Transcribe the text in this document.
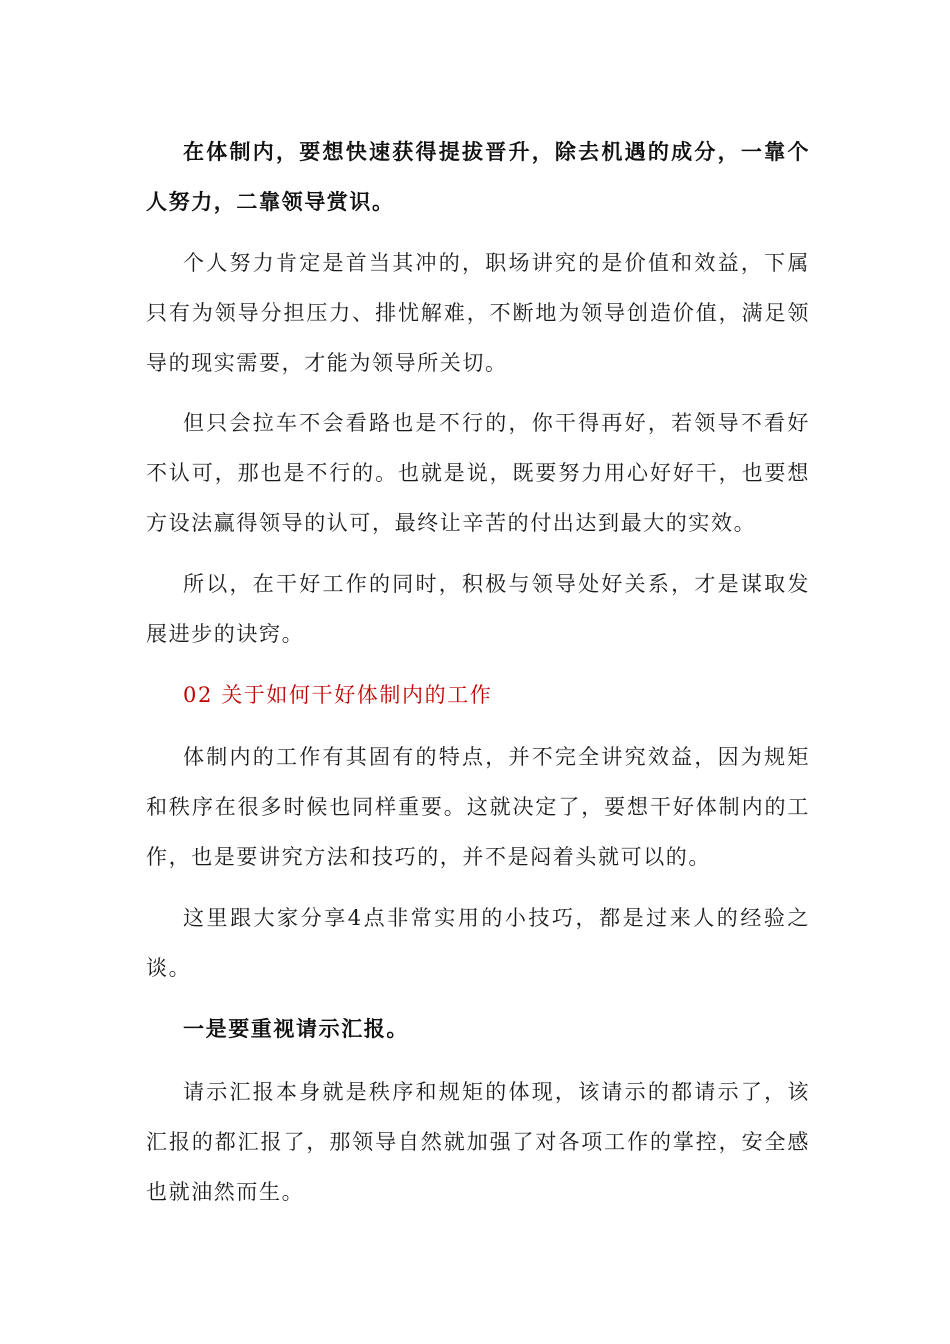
在体制内，要想快速获得提拔晋升，除去机遇的成分，一靠个人努力，二靠领导赏识。

个人努力肯定是首当其冲的，职场讲究的是价值和效益，下属只有为领导分担压力、排忧解难，不断地为领导创造价值，满足领导的现实需要，才能为领导所关切。

但只会拉车不会看路也是不行的，你干得再好，若领导不看好不认可，那也是不行的。也就是说，既要努力用心好好干，也要想方设法赢得领导的认可，最终让辛苦的付出达到最大的实效。

所以，在干好工作的同时，积极与领导处好关系，才是谋取发展进步的诀窍。

02 关于如何干好体制内的工作

体制内的工作有其固有的特点，并不完全讲究效益，因为规矩和秩序在很多时候也同样重要。这就决定了，要想干好体制内的工作，也是要讲究方法和技巧的，并不是闷着头就可以的。

这里跟大家分享4点非常实用的小技巧，都是过来人的经验之谈。

一是要重视请示汇报。

请示汇报本身就是秩序和规矩的体现，该请示的都请示了，该汇报的都汇报了，那领导自然就加强了对各项工作的掌控，安全感也就油然而生。
